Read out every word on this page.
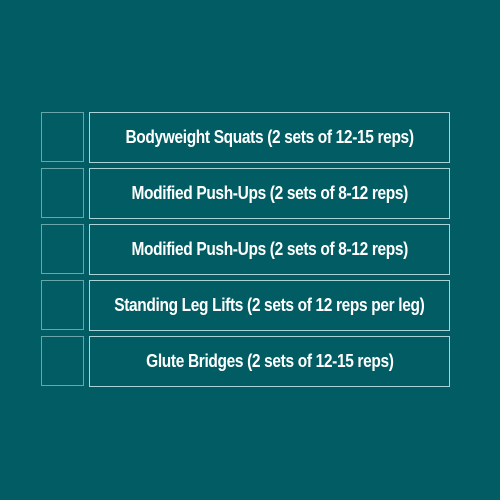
Bodyweight Squats (2 sets of 12-15 reps)
Modified Push-Ups (2 sets of 8-12 reps)
Modified Push-Ups (2 sets of 8-12 reps)
Standing Leg Lifts (2 sets of 12 reps per leg)
Glute Bridges (2 sets of 12-15 reps)
